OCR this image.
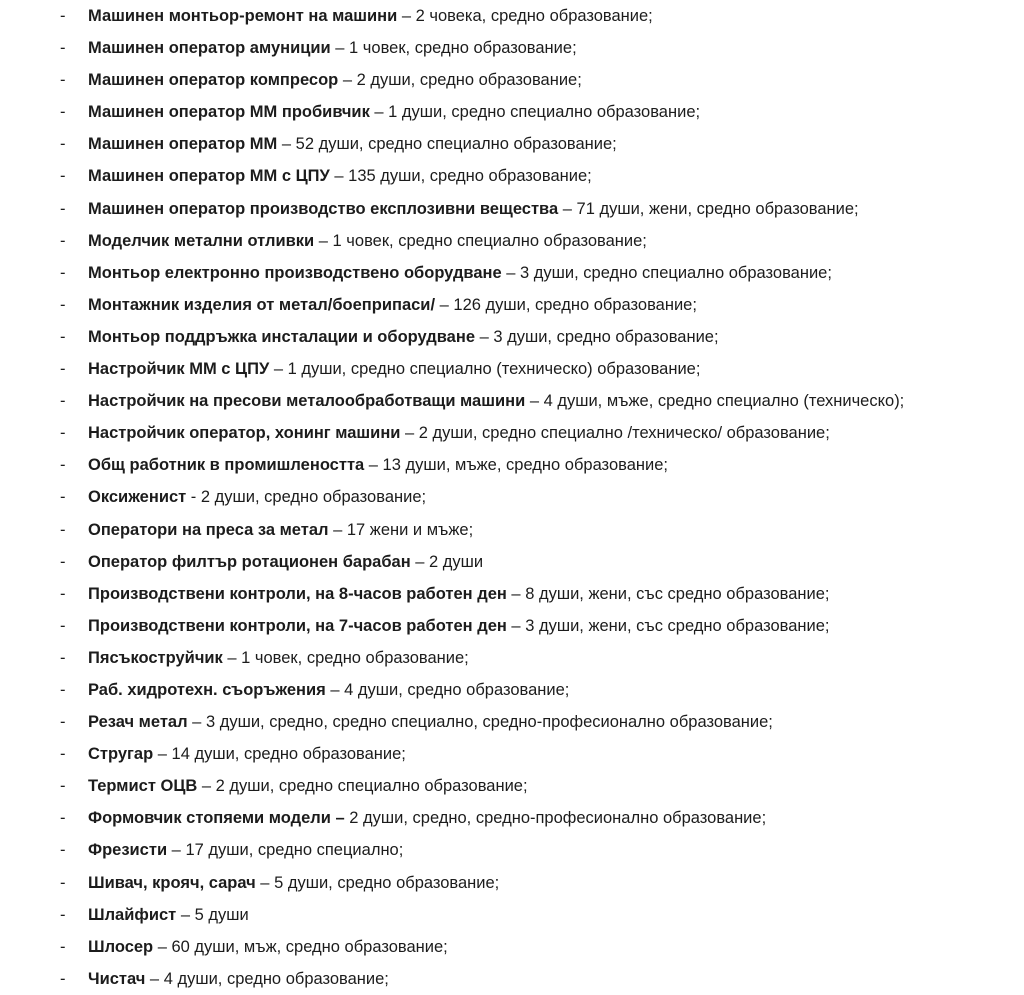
- Машинен монтьор-ремонт на машини – 2 човека, средно образование;
- Машинен оператор амуниции – 1 човек, средно образование;
- Машинен оператор компресор – 2 души, средно образование;
- Машинен оператор ММ пробивчик – 1 души, средно специално образование;
- Машинен оператор ММ – 52 души, средно специално образование;
- Машинен оператор ММ с ЦПУ – 135 души, средно образование;
- Машинен оператор производство експлозивни вещества – 71 души, жени, средно образование;
- Моделчик метални отливки – 1 човек, средно специално образование;
- Монтьор електронно производствено оборудване – 3 души, средно специално образование;
- Монтажник изделия от метал/боеприпаси/ – 126 души, средно образование;
- Монтьор поддръжка инсталации и оборудване – 3 души, средно образование;
- Настройчик ММ с ЦПУ – 1 души, средно специално (техническо) образование;
- Настройчик на пресови металообработващи машини – 4 души, мъже, средно специално (техническо);
- Настройчик оператор, хонинг машини – 2 души, средно специално /техническо/ образование;
- Общ работник в промишлеността – 13 души, мъже, средно образование;
- Оксиженист - 2 души, средно образование;
- Оператори на преса за метал – 17 жени и мъже;
- Оператор филтър ротационен барабан – 2 души
- Производствени контроли, на 8-часов работен ден – 8 души, жени, със средно образование;
- Производствени контроли, на 7-часов работен ден – 3 души, жени, със средно образование;
- Пясъкоструйчик – 1 човек, средно образование;
- Раб. хидротехн. съоръжения – 4 души, средно образование;
- Резач метал – 3 души, средно, средно специално, средно-професионално образование;
- Стругар – 14 души, средно образование;
- Термист ОЦВ – 2 души, средно специално образование;
- Формовчик стопяеми модели – 2 души, средно, средно-професионално образование;
- Фрезисти – 17 души, средно специално;
- Шивач, крояч, сарач – 5 души, средно образование;
- Шлайфист – 5 души
- Шлосер – 60 души, мъж, средно образование;
- Чистач – 4 души, средно образование;
